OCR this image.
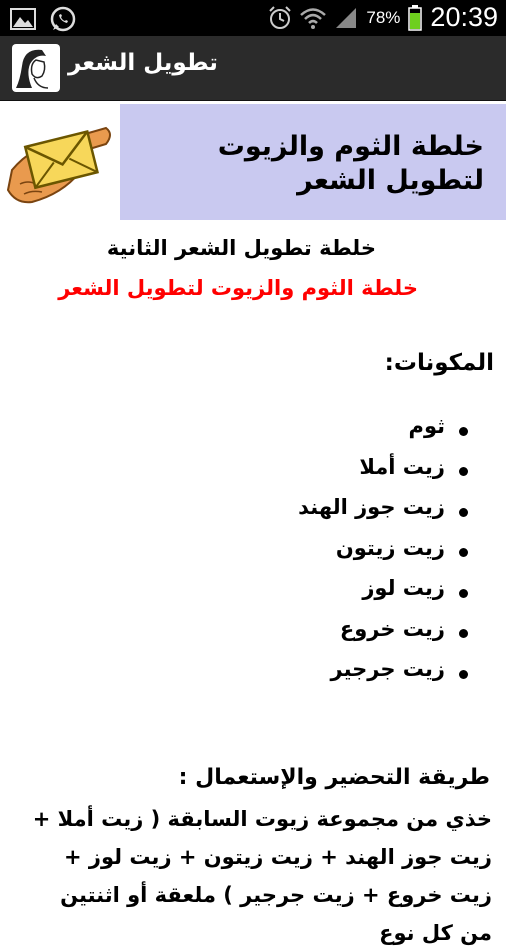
78% 20:39
تطويل الشعر
خلطة الثوم والزيوت لتطويل الشعر
خلطة تطويل الشعر الثانية
خلطة الثوم والزيوت لتطويل الشعر
المكونات:
ثوم
زيت أملا
زيت جوز الهند
زيت زيتون
زيت لوز
زيت خروع
زيت جرجير
طريقة التحضير والإستعمال :
خذي من مجموعة زيوت السابقة ( زيت أملا + زيت جوز الهند + زيت زيتون + زيت لوز + زيت خروع + زيت جرجير ) ملعقة أو اثنتين من كل نوع
